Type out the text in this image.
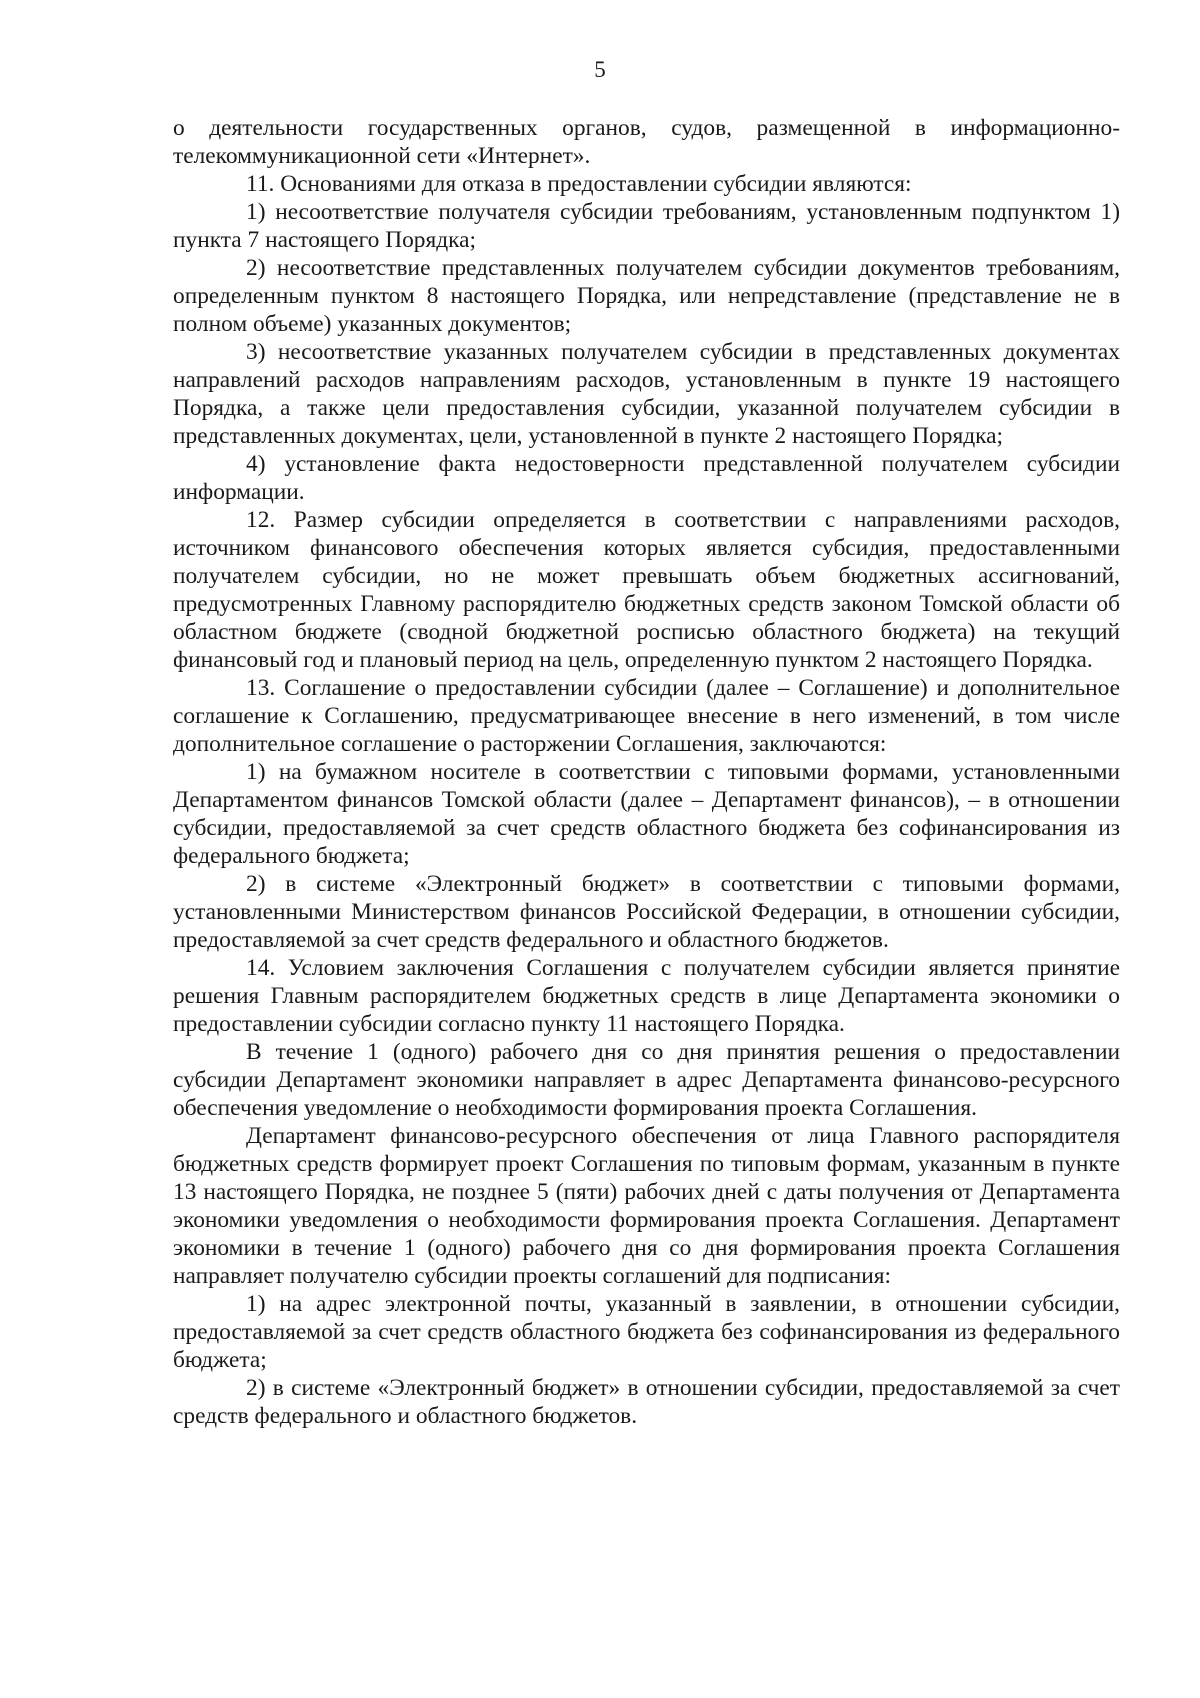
5

о деятельности государственных органов, судов, размещенной в информационно-телекоммуникационной сети «Интернет».

11. Основаниями для отказа в предоставлении субсидии являются:

1) несоответствие получателя субсидии требованиям, установленным подпунктом 1) пункта 7 настоящего Порядка;

2) несоответствие представленных получателем субсидии документов требованиям, определенным пунктом 8 настоящего Порядка, или непредставление (представление не в полном объеме) указанных документов;

3) несоответствие указанных получателем субсидии в представленных документах направлений расходов направлениям расходов, установленным в пункте 19 настоящего Порядка, а также цели предоставления субсидии, указанной получателем субсидии в представленных документах, цели, установленной в пункте 2 настоящего Порядка;

4) установление факта недостоверности представленной получателем субсидии информации.

12. Размер субсидии определяется в соответствии с направлениями расходов, источником финансового обеспечения которых является субсидия, предоставленными получателем субсидии, но не может превышать объем бюджетных ассигнований, предусмотренных Главному распорядителю бюджетных средств законом Томской области об областном бюджете (сводной бюджетной росписью областного бюджета) на текущий финансовый год и плановый период на цель, определенную пунктом 2 настоящего Порядка.

13. Соглашение о предоставлении субсидии (далее – Соглашение) и дополнительное соглашение к Соглашению, предусматривающее внесение в него изменений, в том числе дополнительное соглашение о расторжении Соглашения, заключаются:

1) на бумажном носителе в соответствии с типовыми формами, установленными Департаментом финансов Томской области (далее – Департамент финансов), – в отношении субсидии, предоставляемой за счет средств областного бюджета без софинансирования из федерального бюджета;

2) в системе «Электронный бюджет» в соответствии с типовыми формами, установленными Министерством финансов Российской Федерации, в отношении субсидии, предоставляемой за счет средств федерального и областного бюджетов.

14. Условием заключения Соглашения с получателем субсидии является принятие решения Главным распорядителем бюджетных средств в лице Департамента экономики о предоставлении субсидии согласно пункту 11 настоящего Порядка.

В течение 1 (одного) рабочего дня со дня принятия решения о предоставлении субсидии Департамент экономики направляет в адрес Департамента финансово-ресурсного обеспечения уведомление о необходимости формирования проекта Соглашения.

Департамент финансово-ресурсного обеспечения от лица Главного распорядителя бюджетных средств формирует проект Соглашения по типовым формам, указанным в пункте 13 настоящего Порядка, не позднее 5 (пяти) рабочих дней с даты получения от Департамента экономики уведомления о необходимости формирования проекта Соглашения. Департамент экономики в течение 1 (одного) рабочего дня со дня формирования проекта Соглашения направляет получателю субсидии проекты соглашений для подписания:

1) на адрес электронной почты, указанный в заявлении, в отношении субсидии, предоставляемой за счет средств областного бюджета без софинансирования из федерального бюджета;

2) в системе «Электронный бюджет» в отношении субсидии, предоставляемой за счет средств федерального и областного бюджетов.
